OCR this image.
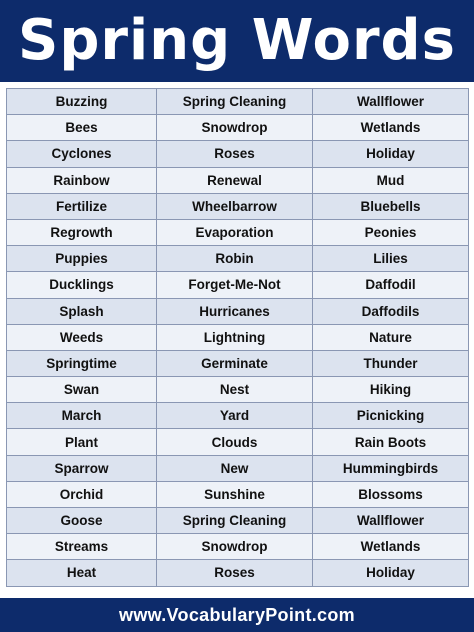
Spring Words
Buzzing	Spring Cleaning	Wallflower
Bees	Snowdrop	Wetlands
Cyclones	Roses	Holiday
Rainbow	Renewal	Mud
Fertilize	Wheelbarrow	Bluebells
Regrowth	Evaporation	Peonies
Puppies	Robin	Lilies
Ducklings	Forget-Me-Not	Daffodil
Splash	Hurricanes	Daffodils
Weeds	Lightning	Nature
Springtime	Germinate	Thunder
Swan	Nest	Hiking
March	Yard	Picnicking
Plant	Clouds	Rain Boots
Sparrow	New	Hummingbirds
Orchid	Sunshine	Blossoms
Goose	Spring Cleaning	Wallflower
Streams	Snowdrop	Wetlands
Heat	Roses	Holiday
www.VocabularyPoint.com
